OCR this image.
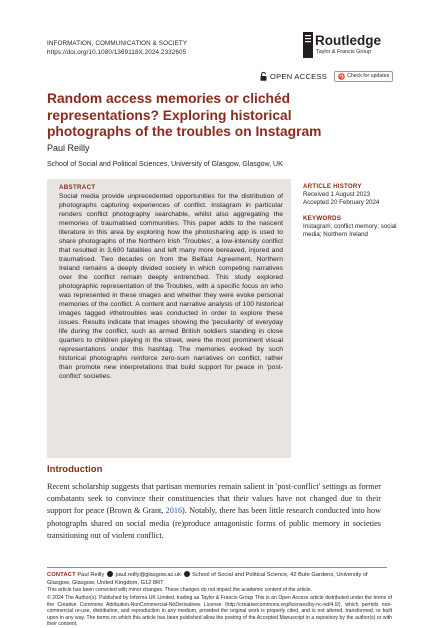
INFORMATION, COMMUNICATION & SOCIETY
https://doi.org/10.1080/1369118X.2024.2332605
Routledge
Taylor & Francis Group
OPEN ACCESS	Check for updates
Random access memories or clichéd representations? Exploring historical photographs of the troubles on Instagram
Paul Reilly
School of Social and Political Sciences, University of Glasgow, Glasgow, UK
ABSTRACT

Social media provide unprecedented opportunities for the distribution of photographs capturing experiences of conflict. Instagram in particular renders conflict photography searchable, whilst also aggregating the memories of traumatised communities. This paper adds to the nascent literature in this area by exploring how the photosharing app is used to share photographs of the Northern Irish 'Troubles', a low-intensity conflict that resulted in 3,600 fatalities and left many more bereaved, injured and traumatised. Two decades on from the Belfast Agreement, Northern Ireland remains a deeply divided society in which competing narratives over the conflict remain deeply entrenched. This study explored photographic representation of the Troubles, with a specific focus on who was represented in these images and whether they were evoke personal memories of the conflict. A content and narrative analysis of 100 historical images tagged #thetroubles was conducted in order to explore these issues. Results indicate that images showing the 'peculiarity' of everyday life during the conflict, such as armed British soldiers standing in close quarters to children playing in the street, were the most prominent visual representations under this hashtag. The memories evoked by such historical photographs reinforce zero-sum narratives on conflict, rather than promote new interpretations that build support for peace in 'post-conflict' societies.

ARTICLE HISTORY
Received 1 August 2023
Accepted 20 February 2024
KEYWORDS
Instagram; conflict memory; social media; Northern Ireland
Introduction

Recent scholarship suggests that partisan memories remain salient in 'post-conflict' settings as former combatants seek to convince their constituencies that their values have not changed due to their support for peace (Brown & Grant, 2016). Notably, there has been little research conducted into how photographs shared on social media (re)produce antagonistic forms of public memory in societies transitioning out of violent conflict.

CONTACT Paul Reilly paul.reilly@glasgow.ac.uk School of Social and Political Science, 42 Bute Gardens, University of Glasgow, Glasgow, United Kingdom, G12 8RT
This article has been corrected with minor changes. These changes do not impact the academic content of the article.
© 2024 The Author(s). Published by Informa UK Limited, trading as Taylor & Francis Group This is an Open Access article distributed under the terms of the Creative Commons Attribution-NonCommercial-NoDerivatives License (http://creativecommons.org/licenses/by-nc-nd/4.0/), which permits non-commercial re-use, distribution, and reproduction in any medium, provided the original work is properly cited, and is not altered, transformed, or built upon in any way. The terms on which this article has been published allow the posting of the Accepted Manuscript in a repository by the author(s) or with their consent.
